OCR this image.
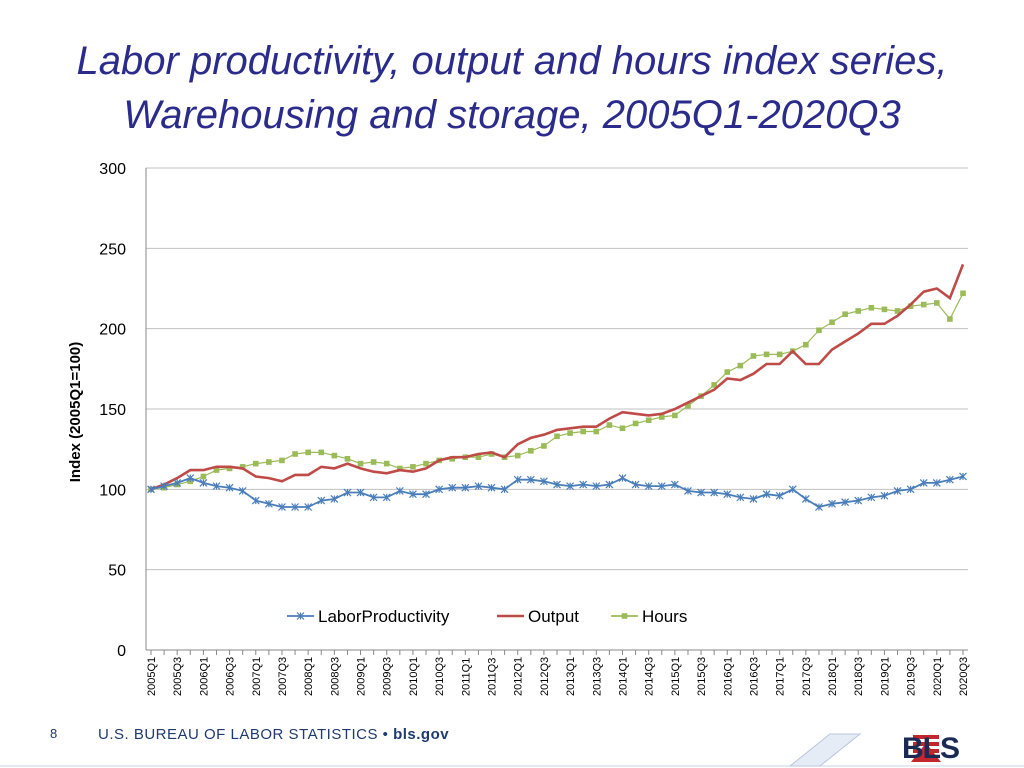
Labor productivity, output and hours index series,
Warehousing and storage, 2005Q1-2020Q3
0
50
100
150
200
250
300
2005Q1 2005Q3 2006Q1 2006Q3 2007Q1 2007Q3 2008Q1 2008Q3 2009Q1 2009Q3 2010Q1 2010Q3 2011Q1 2011Q3 2012Q1 2012Q3 2013Q1 2013Q3 2014Q1 2014Q3 2015Q1 2015Q3 2016Q1 2016Q3 2017Q1 2017Q3 2018Q1 2018Q3 2019Q1 2019Q3 2020Q1 2020Q3
LaborProductivity	Output	Hours
Index (2005Q1=100)
8	U.S. BUREAU OF LABOR STATISTICS • bls.gov	BLS
